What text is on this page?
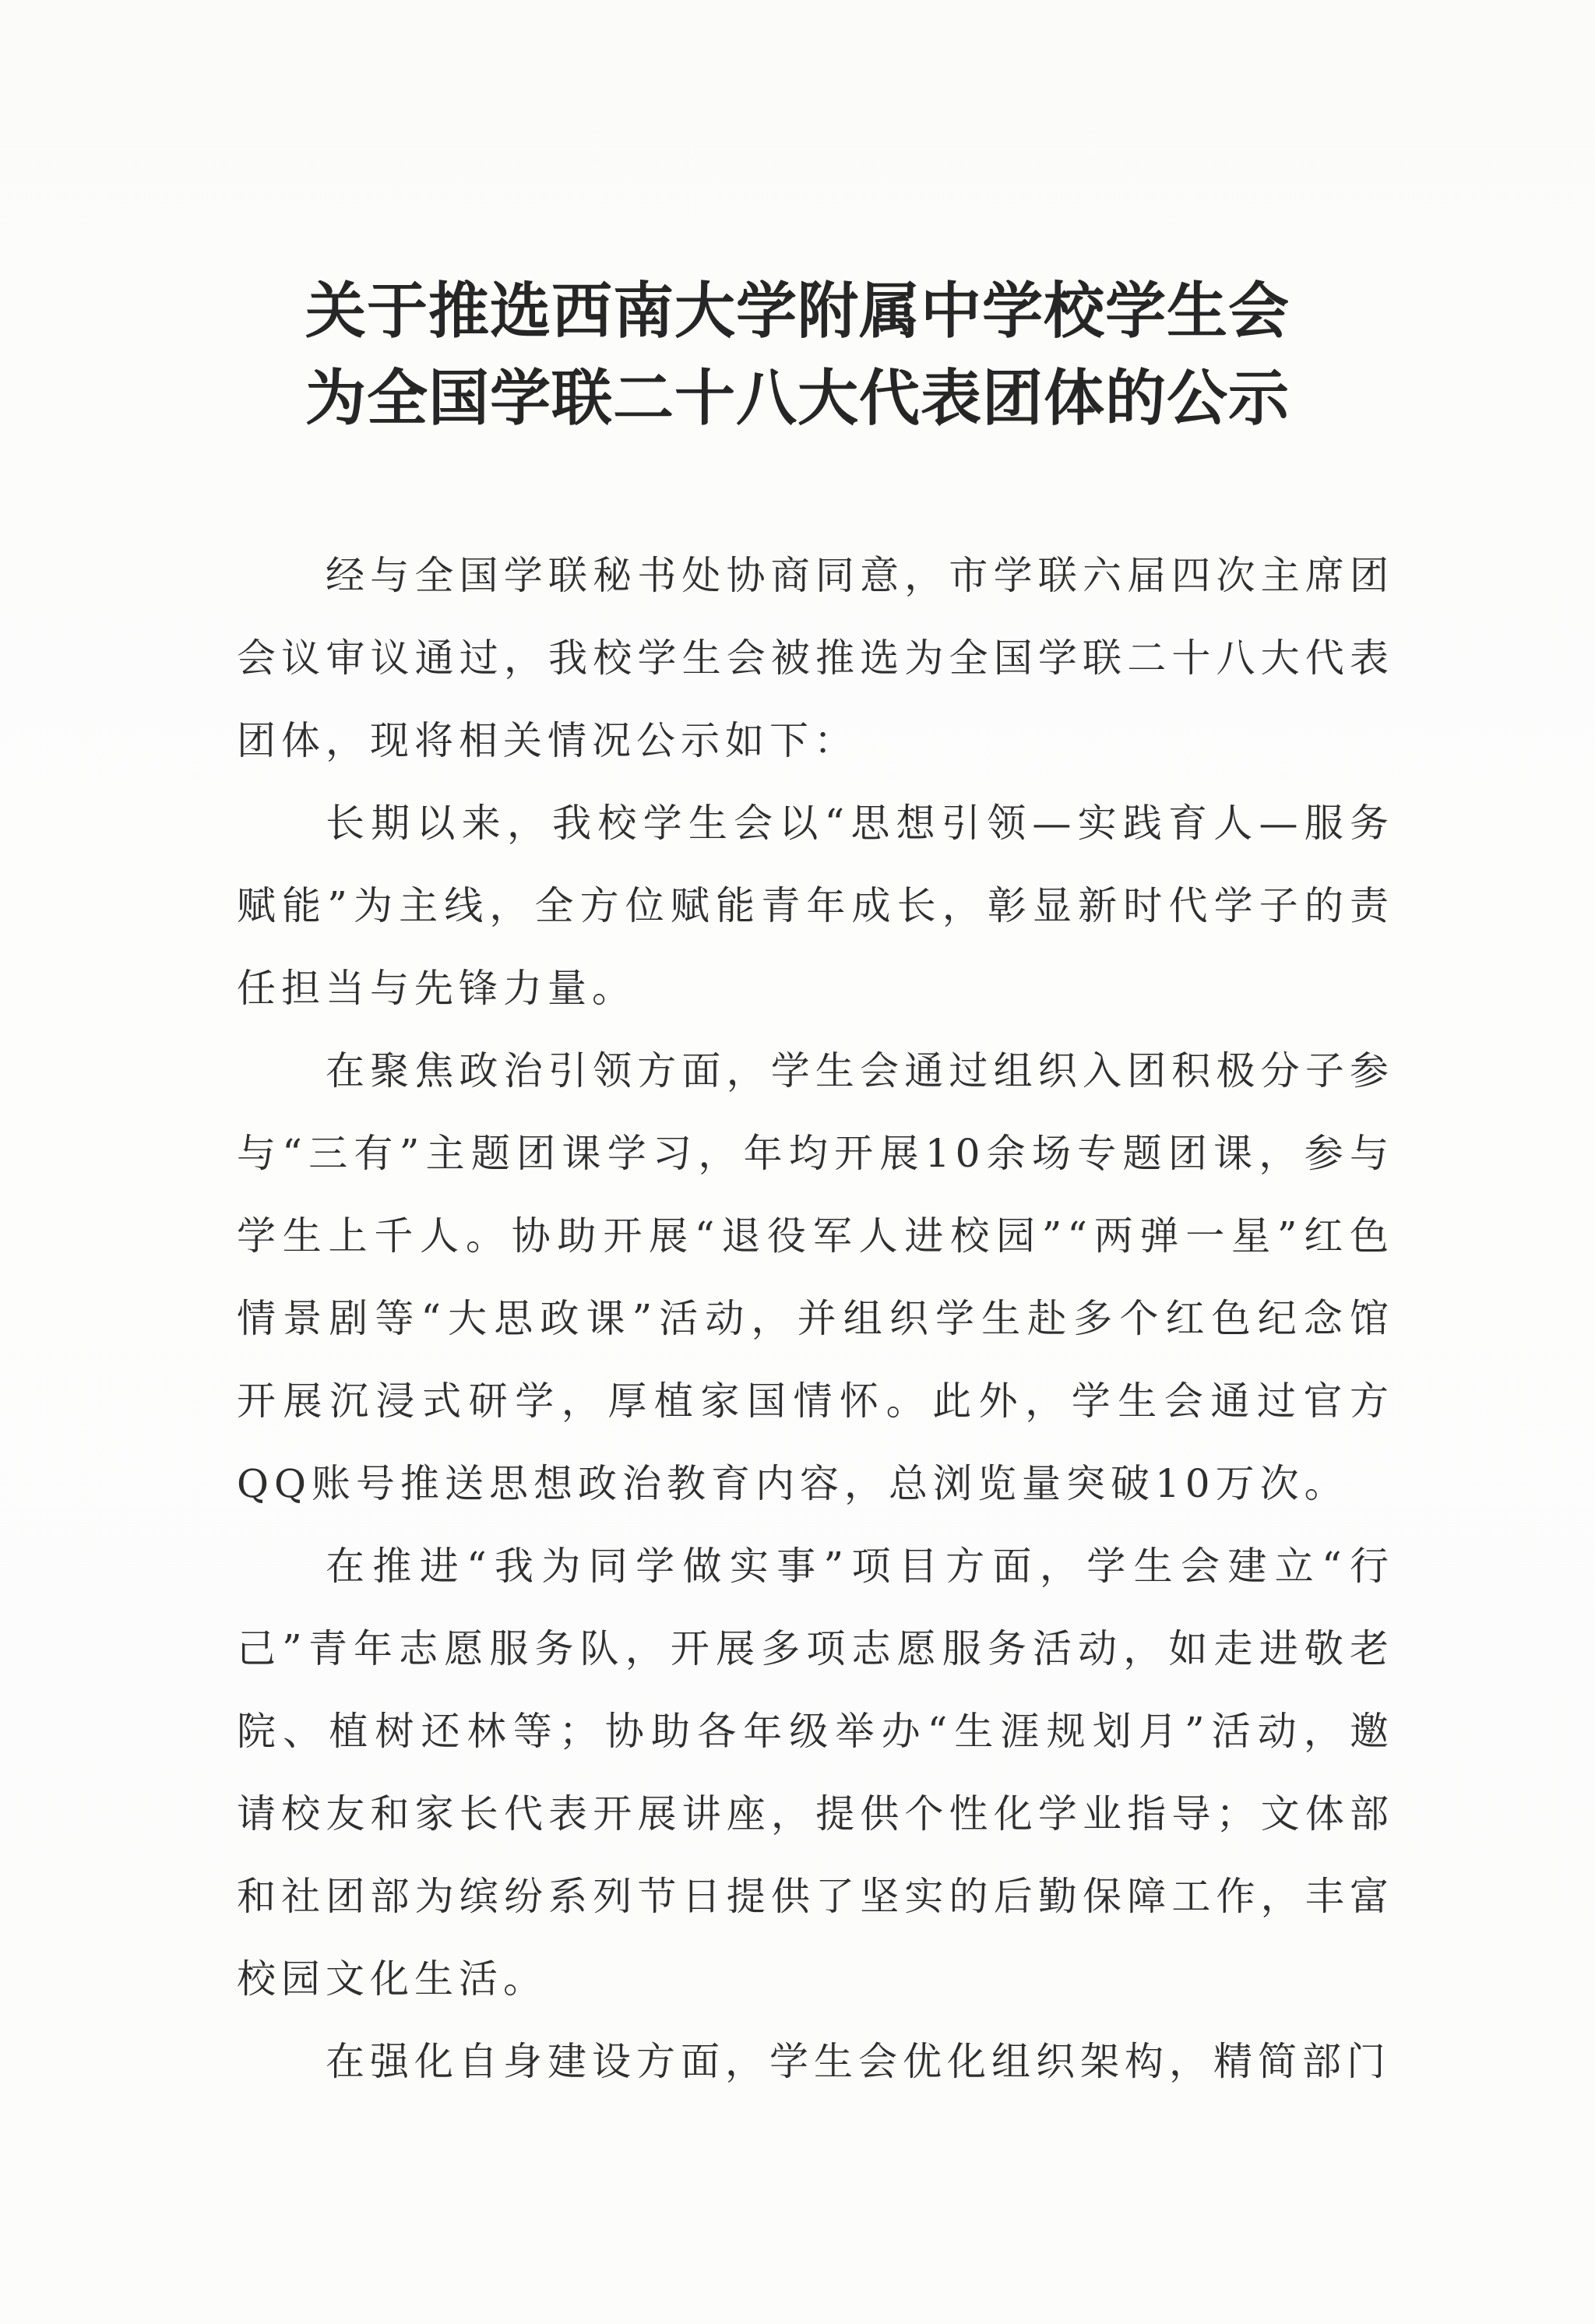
关于推选西南大学附属中学校学生会
为全国学联二十八大代表团体的公示

经与全国学联秘书处协商同意，市学联六届四次主席团会议审议通过，我校学生会被推选为全国学联二十八大代表团体，现将相关情况公示如下：

长期以来，我校学生会以“思想引领—实践育人—服务赋能”为主线，全方位赋能青年成长，彰显新时代学子的责任担当与先锋力量。

在聚焦政治引领方面，学生会通过组织入团积极分子参与“三有”主题团课学习，年均开展10余场专题团课，参与学生上千人。协助开展“退役军人进校园”“两弹一星”红色情景剧等“大思政课”活动，并组织学生赴多个红色纪念馆开展沉浸式研学，厚植家国情怀。此外，学生会通过官方QQ账号推送思想政治教育内容，总浏览量突破10万次。

在推进“我为同学做实事”项目方面，学生会建立“行己”青年志愿服务队，开展多项志愿服务活动，如走进敬老院、植树还林等；协助各年级举办“生涯规划月”活动，邀请校友和家长代表开展讲座，提供个性化学业指导；文体部和社团部为缤纷系列节日提供了坚实的后勤保障工作，丰富校园文化生活。

在强化自身建设方面，学生会优化组织架构，精简部门
